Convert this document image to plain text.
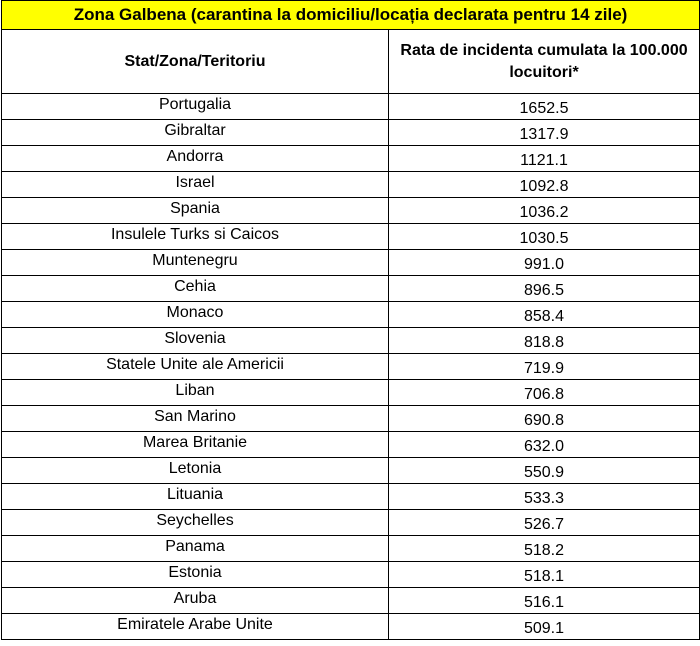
Zona Galbena (carantina la domiciliu/locația declarata pentru 14 zile)	
Stat/Zona/Teritoriu	Rata de incidenta cumulata la 100.000 locuitori*
Portugalia	1652.5
Gibraltar	1317.9
Andorra	1121.1
Israel	1092.8
Spania	1036.2
Insulele Turks si Caicos	1030.5
Muntenegru	991.0
Cehia	896.5
Monaco	858.4
Slovenia	818.8
Statele Unite ale Americii	719.9
Liban	706.8
San Marino	690.8
Marea Britanie	632.0
Letonia	550.9
Lituania	533.3
Seychelles	526.7
Panama	518.2
Estonia	518.1
Aruba	516.1
Emiratele Arabe Unite	509.1
